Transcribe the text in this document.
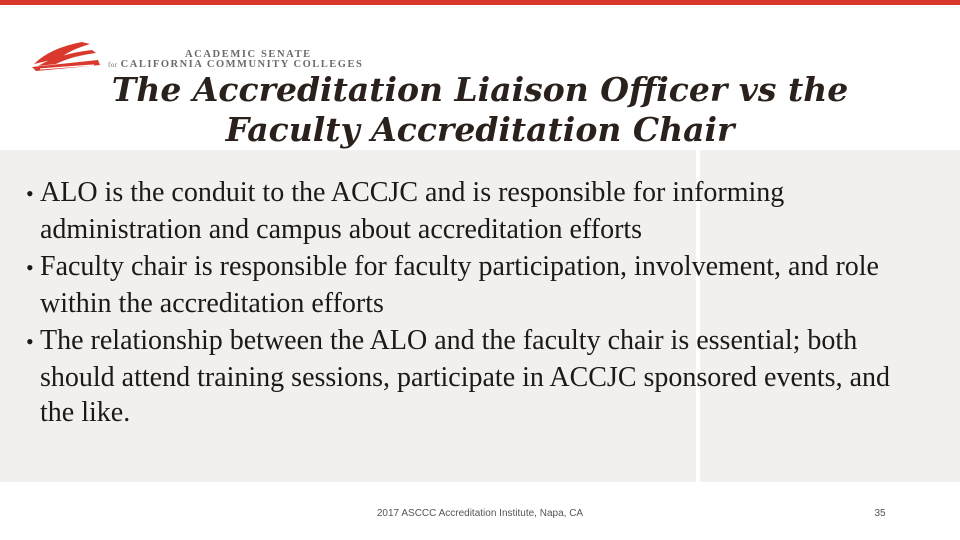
ACADEMIC SENATE
for CALIFORNIA COMMUNITY COLLEGES
The Accreditation Liaison Officer vs the
Faculty Accreditation Chair
• ALO is the conduit to the ACCJC and is responsible for informing administration and campus about accreditation efforts
• Faculty chair is responsible for faculty participation, involvement, and role within the accreditation efforts
• The relationship between the ALO and the faculty chair is essential; both should attend training sessions, participate in ACCJC sponsored events, and the like.
2017 ASCCC Accreditation Institute, Napa, CA	35
